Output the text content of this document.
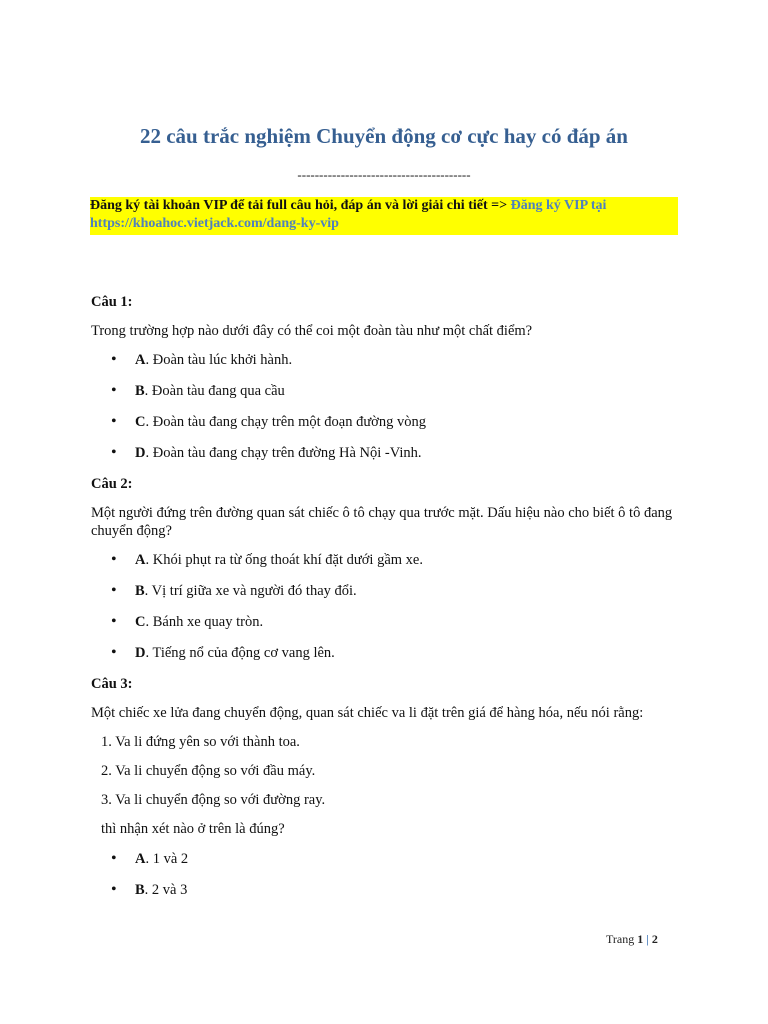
22 câu trắc nghiệm Chuyển động cơ cực hay có đáp án
----------------------------------------
Đăng ký tài khoản VIP để tải full câu hỏi, đáp án và lời giải chi tiết => Đăng ký VIP tại
https://khoahoc.vietjack.com/dang-ky-vip
Câu 1:
Trong trường hợp nào dưới đây có thể coi một đoàn tàu như một chất điểm?
• A. Đoàn tàu lúc khởi hành.
• B. Đoàn tàu đang qua cầu
• C. Đoàn tàu đang chạy trên một đoạn đường vòng
• D. Đoàn tàu đang chạy trên đường Hà Nội -Vinh.
Câu 2:
Một người đứng trên đường quan sát chiếc ô tô chạy qua trước mặt. Dấu hiệu nào cho biết ô tô đang chuyển động?
• A. Khói phụt ra từ ống thoát khí đặt dưới gầm xe.
• B. Vị trí giữa xe và người đó thay đổi.
• C. Bánh xe quay tròn.
• D. Tiếng nổ của động cơ vang lên.
Câu 3:
Một chiếc xe lửa đang chuyển động, quan sát chiếc va li đặt trên giá để hàng hóa, nếu nói rằng:
1. Va li đứng yên so với thành toa.
2. Va li chuyển động so với đầu máy.
3. Va li chuyển động so với đường ray.
thì nhận xét nào ở trên là đúng?
• A. 1 và 2
• B. 2 và 3
Trang 1 | 2
